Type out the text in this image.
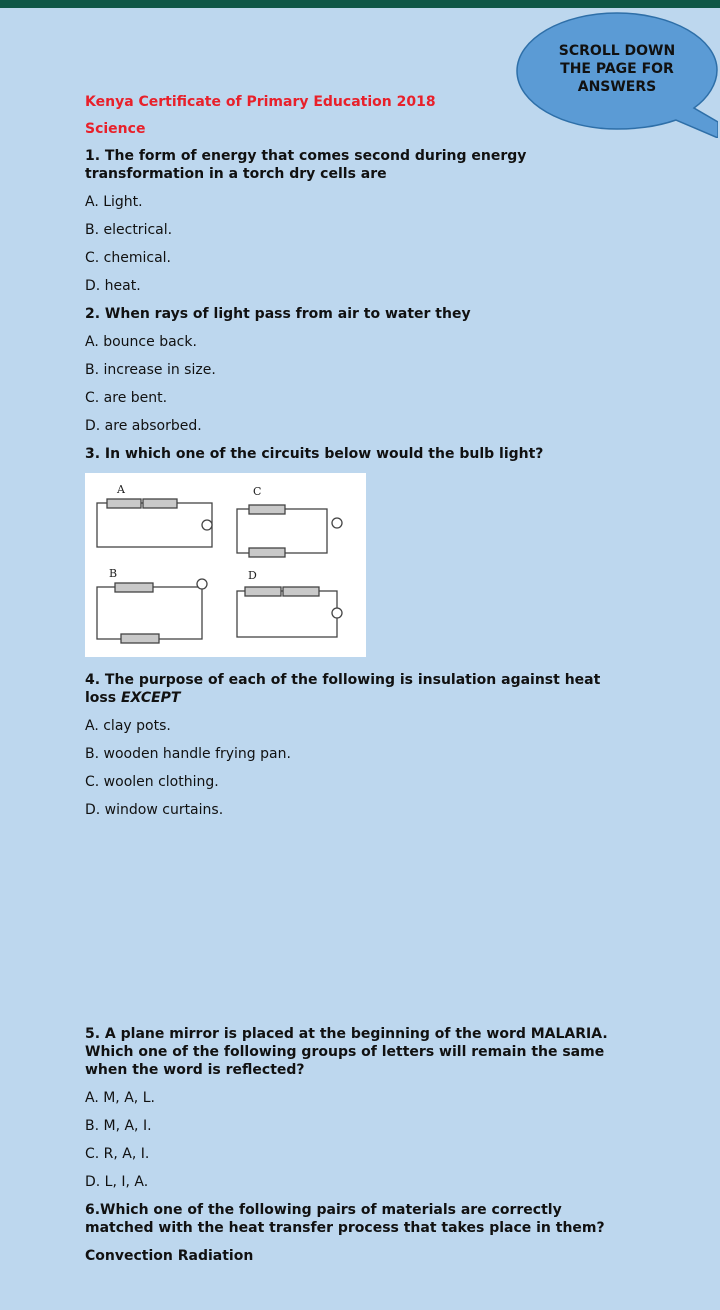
SCROLL DOWN
THE PAGE FOR
ANSWERS
Kenya Certificate of Primary Education 2018
Science
1. The form of energy that comes second during energy transformation in a torch dry cells are
A. Light.
B. electrical.
C. chemical.
D. heat.
2. When rays of light pass from air to water they
A. bounce back.
B. increase in size.
C. are bent.
D. are absorbed.
3. In which one of the circuits below would the bulb light?
A	C
B	D
4. The purpose of each of the following is insulation against heat loss EXCEPT
A. clay pots.
B. wooden handle frying pan.
C. woolen clothing.
D. window curtains.
5. A plane mirror is placed at the beginning of the word MALARIA. Which one of the following groups of letters will remain the same when the word is reflected?
A. M, A, L.
B. M, A, I.
C. R, A, I.
D. L, I, A.
6.Which one of the following pairs of materials are correctly matched with the heat transfer process that takes place in them?
Convection Radiation
